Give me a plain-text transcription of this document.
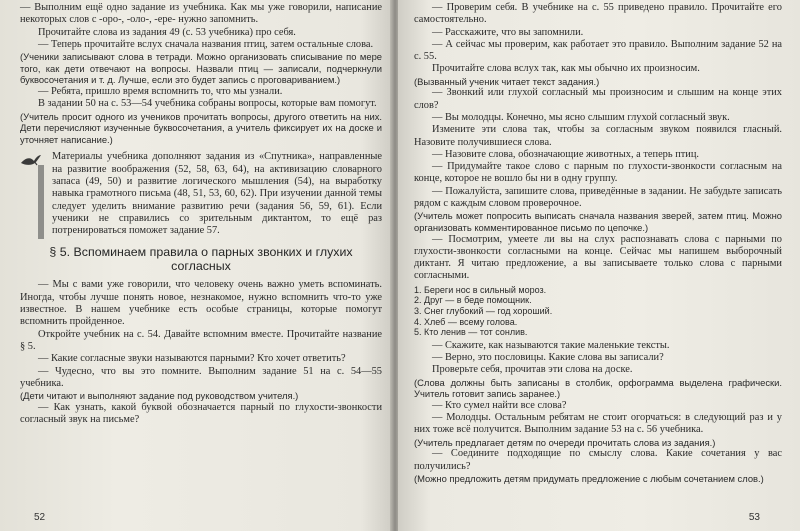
— Выполним ещё одно задание из учебника. Как мы уже говорили, написание некоторых слов с -оро-, -оло-, -ере- нужно запомнить.

Прочитайте слова из задания 49 (с. 53 учебника) про себя.

— Теперь прочитайте вслух сначала названия птиц, затем остальные слова.

(Ученики записывают слова в тетради. Можно организовать списывание по мере того, как дети отвечают на вопросы. Назвали птиц — записали, подчеркнули буквосочетания и т. д. Лучше, если это будет запись с проговариванием.)

— Ребята, пришло время вспомнить то, что мы узнали.

В задании 50 на с. 53—54 учебника собраны вопросы, которые вам помогут.

(Учитель просит одного из учеников прочитать вопросы, другого ответить на них. Дети перечисляют изученные буквосочетания, а учитель фиксирует их на доске и уточняет написание.)

Материалы учебника дополняют задания из «Спутника», направленные на развитие воображения (52, 58, 63, 64), на активизацию словарного запаса (49, 50) и развитие логического мышления (54), на выработку навыка грамотного письма (48, 51, 53, 60, 62). При изучении данной темы следует уделить внимание развитию речи (задания 56, 59, 61). Если ученики не справились со зрительным диктантом, то ещё раз потренироваться поможет задание 57.

§ 5. Вспоминаем правила о парных звонких и глухих согласных

— Мы с вами уже говорили, что человеку очень важно уметь вспоминать. Иногда, чтобы лучше понять новое, незнакомое, нужно вспомнить что-то уже известное. В нашем учебнике есть особые страницы, которые помогут вспомнить пройденное.

Откройте учебник на с. 54. Давайте вспомним вместе. Прочитайте название § 5.

— Какие согласные звуки называются парными? Кто хочет ответить?

— Чудесно, что вы это помните. Выполним задание 51 на с. 54—55 учебника.

(Дети читают и выполняют задание под руководством учителя.)

— Как узнать, какой буквой обозначается парный по глухости-звонкости согласный звук на письме?

52

— Проверим себя. В учебнике на с. 55 приведено правило. Прочитайте его самостоятельно.

— Расскажите, что вы запомнили.

— А сейчас мы проверим, как работает это правило. Выполним задание 52 на с. 55.

Прочитайте слова вслух так, как мы обычно их произносим.

(Вызванный ученик читает текст задания.)

— Звонкий или глухой согласный мы произносим и слышим на конце этих слов?

— Вы молодцы. Конечно, мы ясно слышим глухой согласный звук.

Измените эти слова так, чтобы за согласным звуком появился гласный. Назовите получившиеся слова.

— Назовите слова, обозначающие животных, а теперь птиц.

— Придумайте такое слово с парным по глухости-звонкости согласным на конце, которое не вошло бы ни в одну группу.

— Пожалуйста, запишите слова, приведённые в задании. Не забудьте записать рядом с каждым словом проверочное.

(Учитель может попросить выписать сначала названия зверей, затем птиц. Можно организовать комментированное письмо по цепочке.)

— Посмотрим, умеете ли вы на слух распознавать слова с парными по глухости-звонкости согласными на конце. Сейчас мы напишем выборочный диктант. Я читаю предложение, а вы записываете только слова с парными согласными.

1. Береги нос в сильный мороз.
2. Друг — в беде помощник.
3. Снег глубокий — год хороший.
4. Хлеб — всему голова.
5. Кто ленив — тот сонлив.

— Скажите, как называются такие маленькие тексты.

— Верно, это пословицы. Какие слова вы записали?

Проверьте себя, прочитав эти слова на доске.

(Слова должны быть записаны в столбик, орфограмма выделена графически. Учитель готовит запись заранее.)

— Кто сумел найти все слова?

— Молодцы. Остальным ребятам не стоит огорчаться: в следующий раз и у них тоже всё получится. Выполним задание 53 на с. 56 учебника.

(Учитель предлагает детям по очереди прочитать слова из задания.)

— Соедините подходящие по смыслу слова. Какие сочетания у вас получились?

(Можно предложить детям придумать предложение с любым сочетанием слов.)

53
